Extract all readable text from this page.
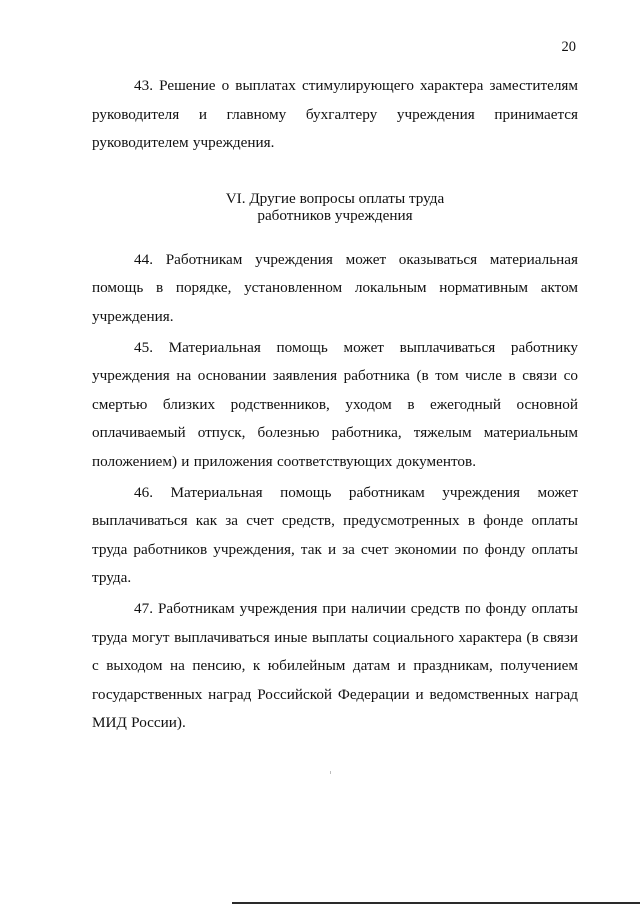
20

43. Решение о выплатах стимулирующего характера заместителям руководителя и главному бухгалтеру учреждения принимается руководителем учреждения.

VI. Другие вопросы оплаты труда
работников учреждения

44. Работникам учреждения может оказываться материальная помощь в порядке, установленном локальным нормативным актом учреждения.

45. Материальная помощь может выплачиваться работнику учреждения на основании заявления работника (в том числе в связи со смертью близких родственников, уходом в ежегодный основной оплачиваемый отпуск, болезнью работника, тяжелым материальным положением) и приложения соответствующих документов.

46. Материальная помощь работникам учреждения может выплачиваться как за счет средств, предусмотренных в фонде оплаты труда работников учреждения, так и за счет экономии по фонду оплаты труда.

47. Работникам учреждения при наличии средств по фонду оплаты труда могут выплачиваться иные выплаты социального характера (в связи с выходом на пенсию, к юбилейным датам и праздникам, получением государственных наград Российской Федерации и ведомственных наград МИД России).
